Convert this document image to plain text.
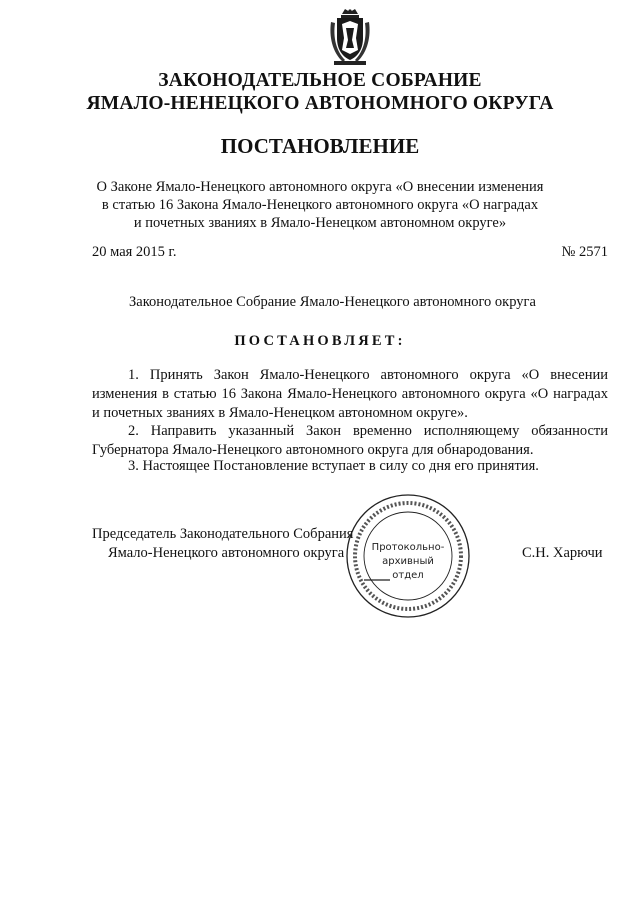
ЗАКОНОДАТЕЛЬНОЕ СОБРАНИЕ
ЯМАЛО-НЕНЕЦКОГО АВТОНОМНОГО ОКРУГА
ПОСТАНОВЛЕНИЕ
О Законе Ямало-Ненецкого автономного округа «О внесении изменения
в статью 16 Закона Ямало-Ненецкого автономного округа «О наградах
и почетных званиях в Ямало-Ненецком автономном округе»
20 мая 2015 г.	№ 2571
Законодательное Собрание Ямало-Ненецкого автономного округа
ПОСТАНОВЛЯЕТ:
1. Принять Закон Ямало-Ненецкого автономного округа «О внесении изменения в статью 16 Закона Ямало-Ненецкого автономного округа «О наградах и почетных званиях в Ямало-Ненецком автономном округе».
2. Направить указанный Закон временно исполняющему обязанности Губернатора Ямало-Ненецкого автономного округа для обнародования.
3. Настоящее Постановление вступает в силу со дня его принятия.
Председатель Законодательного Собрания
Ямало-Ненецкого автономного округа	С.Н. Харючи
Протокольно-
архивный
отдел
